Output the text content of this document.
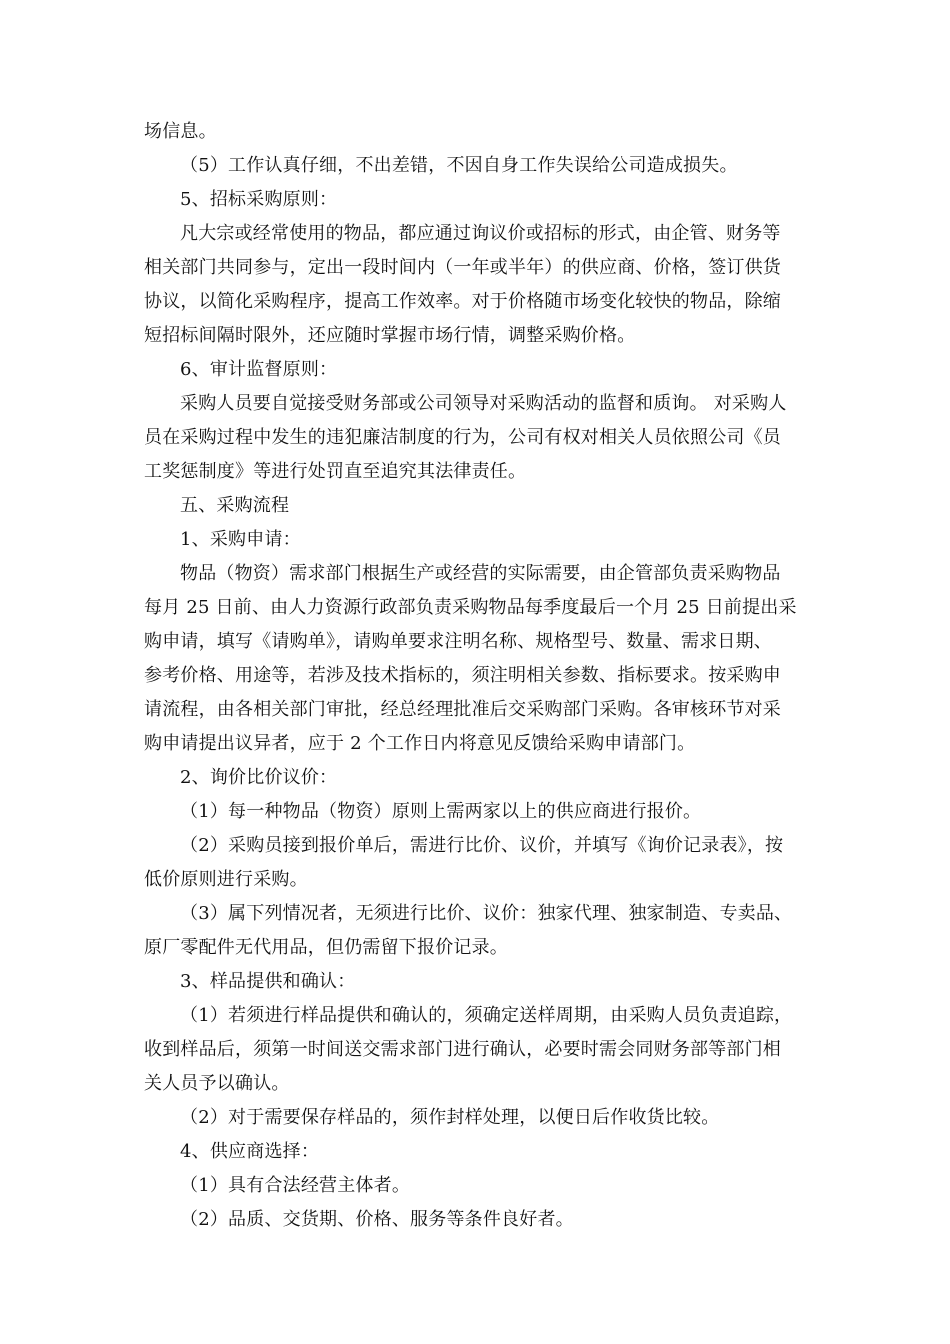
场信息。
（5）工作认真仔细，不出差错，不因自身工作失误给公司造成损失。
5、招标采购原则：
凡大宗或经常使用的物品，都应通过询议价或招标的形式，由企管、财务等
相关部门共同参与，定出一段时间内（一年或半年）的供应商、价格，签订供货
协议，以简化采购程序，提高工作效率。对于价格随市场变化较快的物品，除缩
短招标间隔时限外，还应随时掌握市场行情，调整采购价格。
6、审计监督原则：
采购人员要自觉接受财务部或公司领导对采购活动的监督和质询。 对采购人
员在采购过程中发生的违犯廉洁制度的行为，公司有权对相关人员依照公司《员
工奖惩制度》等进行处罚直至追究其法律责任。
五、采购流程
1、采购申请：
物品（物资）需求部门根据生产或经营的实际需要，由企管部负责采购物品
每月 25 日前、由人力资源行政部负责采购物品每季度最后一个月 25 日前提出采
购申请，填写《请购单》，请购单要求注明名称、规格型号、数量、需求日期、
参考价格、用途等，若涉及技术指标的，须注明相关参数、指标要求。按采购申
请流程，由各相关部门审批，经总经理批准后交采购部门采购。各审核环节对采
购申请提出议异者，应于 2 个工作日内将意见反馈给采购申请部门。
2、询价比价议价：
（1）每一种物品（物资）原则上需两家以上的供应商进行报价。
（2）采购员接到报价单后，需进行比价、议价，并填写《询价记录表》，按
低价原则进行采购。
（3）属下列情况者，无须进行比价、议价：独家代理、独家制造、专卖品、
原厂零配件无代用品，但仍需留下报价记录。
3、样品提供和确认：
（1）若须进行样品提供和确认的，须确定送样周期，由采购人员负责追踪，
收到样品后，须第一时间送交需求部门进行确认，必要时需会同财务部等部门相
关人员予以确认。
（2）对于需要保存样品的，须作封样处理，以便日后作收货比较。
4、供应商选择：
（1）具有合法经营主体者。
（2）品质、交货期、价格、服务等条件良好者。
